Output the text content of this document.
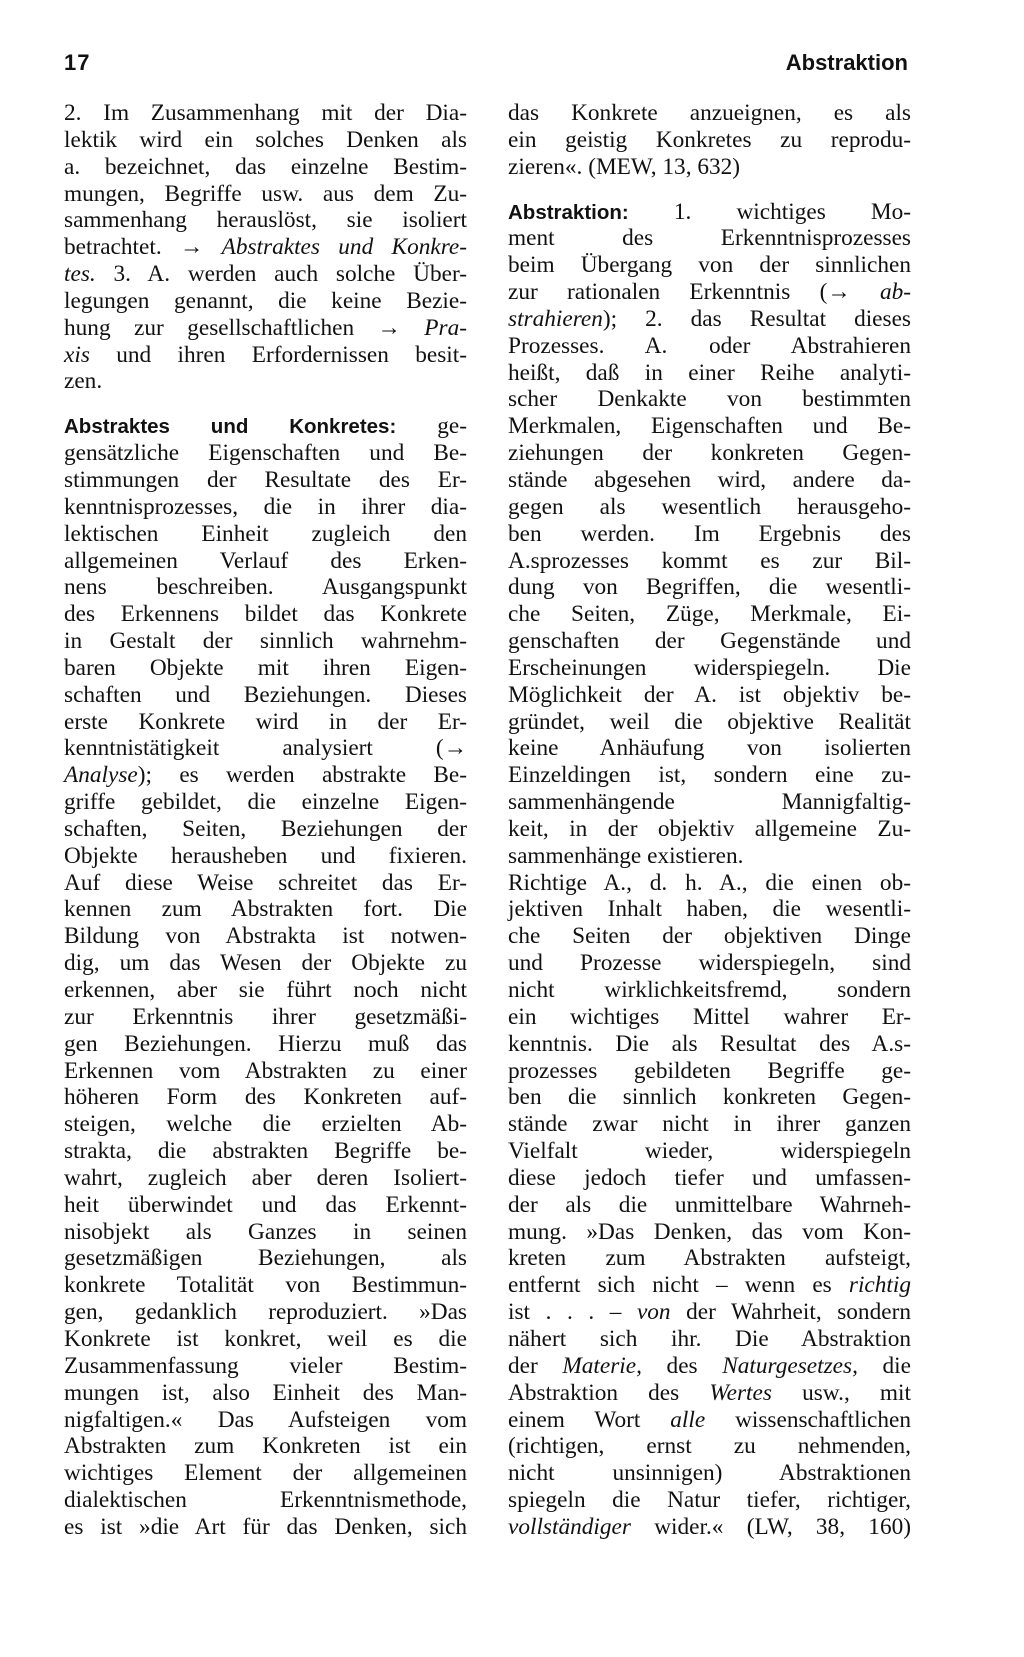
17	Abstraktion
2. Im Zusammenhang mit der Dia-
lektik wird ein solches Denken als
a. bezeichnet, das einzelne Bestim-
mungen, Begriffe usw. aus dem Zu-
sammenhang herauslöst, sie isoliert
betrachtet. → Abstraktes und Konkre-
tes. 3. A. werden auch solche Über-
legungen genannt, die keine Bezie-
hung zur gesellschaftlichen → Pra-
xis und ihren Erfordernissen besit-
zen.
Abstraktes und Konkretes: ge-
gensätzliche Eigenschaften und Be-
stimmungen der Resultate des Er-
kenntnisprozesses, die in ihrer dia-
lektischen Einheit zugleich den
allgemeinen Verlauf des Erken-
nens beschreiben. Ausgangspunkt
des Erkennens bildet das Konkrete
in Gestalt der sinnlich wahrnehm-
baren Objekte mit ihren Eigen-
schaften und Beziehungen. Dieses
erste Konkrete wird in der Er-
kenntnistätigkeit analysiert (→
Analyse); es werden abstrakte Be-
griffe gebildet, die einzelne Eigen-
schaften, Seiten, Beziehungen der
Objekte herausheben und fixieren.
Auf diese Weise schreitet das Er-
kennen zum Abstrakten fort. Die
Bildung von Abstrakta ist notwen-
dig, um das Wesen der Objekte zu
erkennen, aber sie führt noch nicht
zur Erkenntnis ihrer gesetzmäßi-
gen Beziehungen. Hierzu muß das
Erkennen vom Abstrakten zu einer
höheren Form des Konkreten auf-
steigen, welche die erzielten Ab-
strakta, die abstrakten Begriffe be-
wahrt, zugleich aber deren Isoliert-
heit überwindet und das Erkennt-
nisobjekt als Ganzes in seinen
gesetzmäßigen Beziehungen, als
konkrete Totalität von Bestimmun-
gen, gedanklich reproduziert. »Das
Konkrete ist konkret, weil es die
Zusammenfassung vieler Bestim-
mungen ist, also Einheit des Man-
nigfaltigen.« Das Aufsteigen vom
Abstrakten zum Konkreten ist ein
wichtiges Element der allgemeinen
dialektischen Erkenntnismethode,
es ist »die Art für das Denken, sich
das Konkrete anzueignen, es als
ein geistig Konkretes zu reprodu-
zieren«. (MEW, 13, 632)
Abstraktion: 1. wichtiges Mo-
ment des Erkenntnisprozesses
beim Übergang von der sinnlichen
zur rationalen Erkenntnis (→ ab-
strahieren); 2. das Resultat dieses
Prozesses. A. oder Abstrahieren
heißt, daß in einer Reihe analyti-
scher Denkakte von bestimmten
Merkmalen, Eigenschaften und Be-
ziehungen der konkreten Gegen-
stände abgesehen wird, andere da-
gegen als wesentlich herausgeho-
ben werden. Im Ergebnis des
A.sprozesses kommt es zur Bil-
dung von Begriffen, die wesentli-
che Seiten, Züge, Merkmale, Ei-
genschaften der Gegenstände und
Erscheinungen widerspiegeln. Die
Möglichkeit der A. ist objektiv be-
gründet, weil die objektive Realität
keine Anhäufung von isolierten
Einzeldingen ist, sondern eine zu-
sammenhängende Mannigfaltig-
keit, in der objektiv allgemeine Zu-
sammenhänge existieren.
Richtige A., d. h. A., die einen ob-
jektiven Inhalt haben, die wesentli-
che Seiten der objektiven Dinge
und Prozesse widerspiegeln, sind
nicht wirklichkeitsfremd, sondern
ein wichtiges Mittel wahrer Er-
kenntnis. Die als Resultat des A.s-
prozesses gebildeten Begriffe ge-
ben die sinnlich konkreten Gegen-
stände zwar nicht in ihrer ganzen
Vielfalt wieder, widerspiegeln
diese jedoch tiefer und umfassen-
der als die unmittelbare Wahrneh-
mung. »Das Denken, das vom Kon-
kreten zum Abstrakten aufsteigt,
entfernt sich nicht – wenn es richtig
ist . . . – von der Wahrheit, sondern
nähert sich ihr. Die Abstraktion
der Materie, des Naturgesetzes, die
Abstraktion des Wertes usw., mit
einem Wort alle wissenschaftlichen
(richtigen, ernst zu nehmenden,
nicht unsinnigen) Abstraktionen
spiegeln die Natur tiefer, richtiger,
vollständiger wider.« (LW, 38, 160)
